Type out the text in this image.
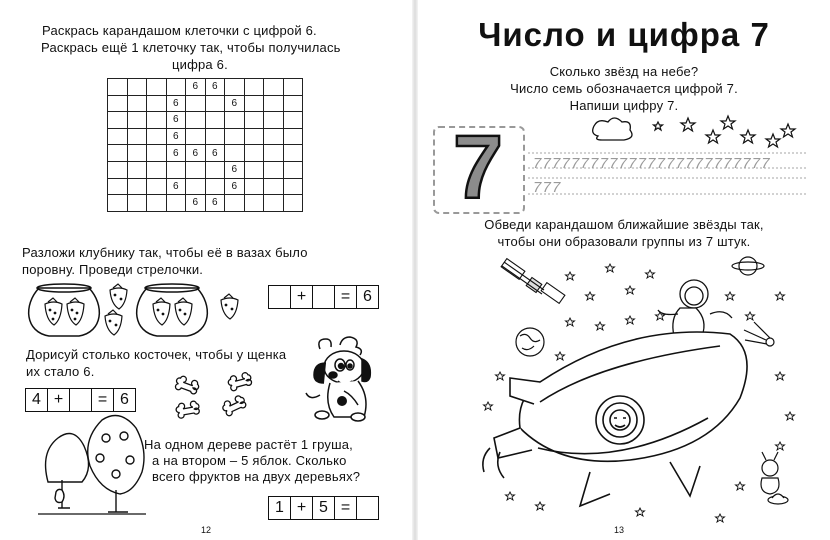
Раскрась карандашом клеточки с цифрой 6.
Раскрась ещё 1 клеточку так, чтобы получилась
цифра 6.
				6	6				
			6			6			
			6						
			6						
			6	6	6				
						6			
			6			6			
				6	6				
Разложи клубнику так, чтобы её в вазах было
поровну. Проведи стрелочки.
+	= 6
Дорисуй столько косточек, чтобы у щенка
их стало 6.
4 +	= 6
На одном дереве растёт 1 груша,
а на втором – 5 яблок. Сколько
всего фруктов на двух деревьях?
1 + 5 =
12
Число и цифра 7
Сколько звёзд на небе?
Число семь обозначается цифрой 7.
Напиши цифру 7.
7	7 7 7 7 7 7 7 7 7 7 7 7 7 7 7 7 7 7 7 7 7 7 7 7 7
7 7 7
Обведи карандашом ближайшие звёзды так,
чтобы они образовали группы из 7 штук.
13
